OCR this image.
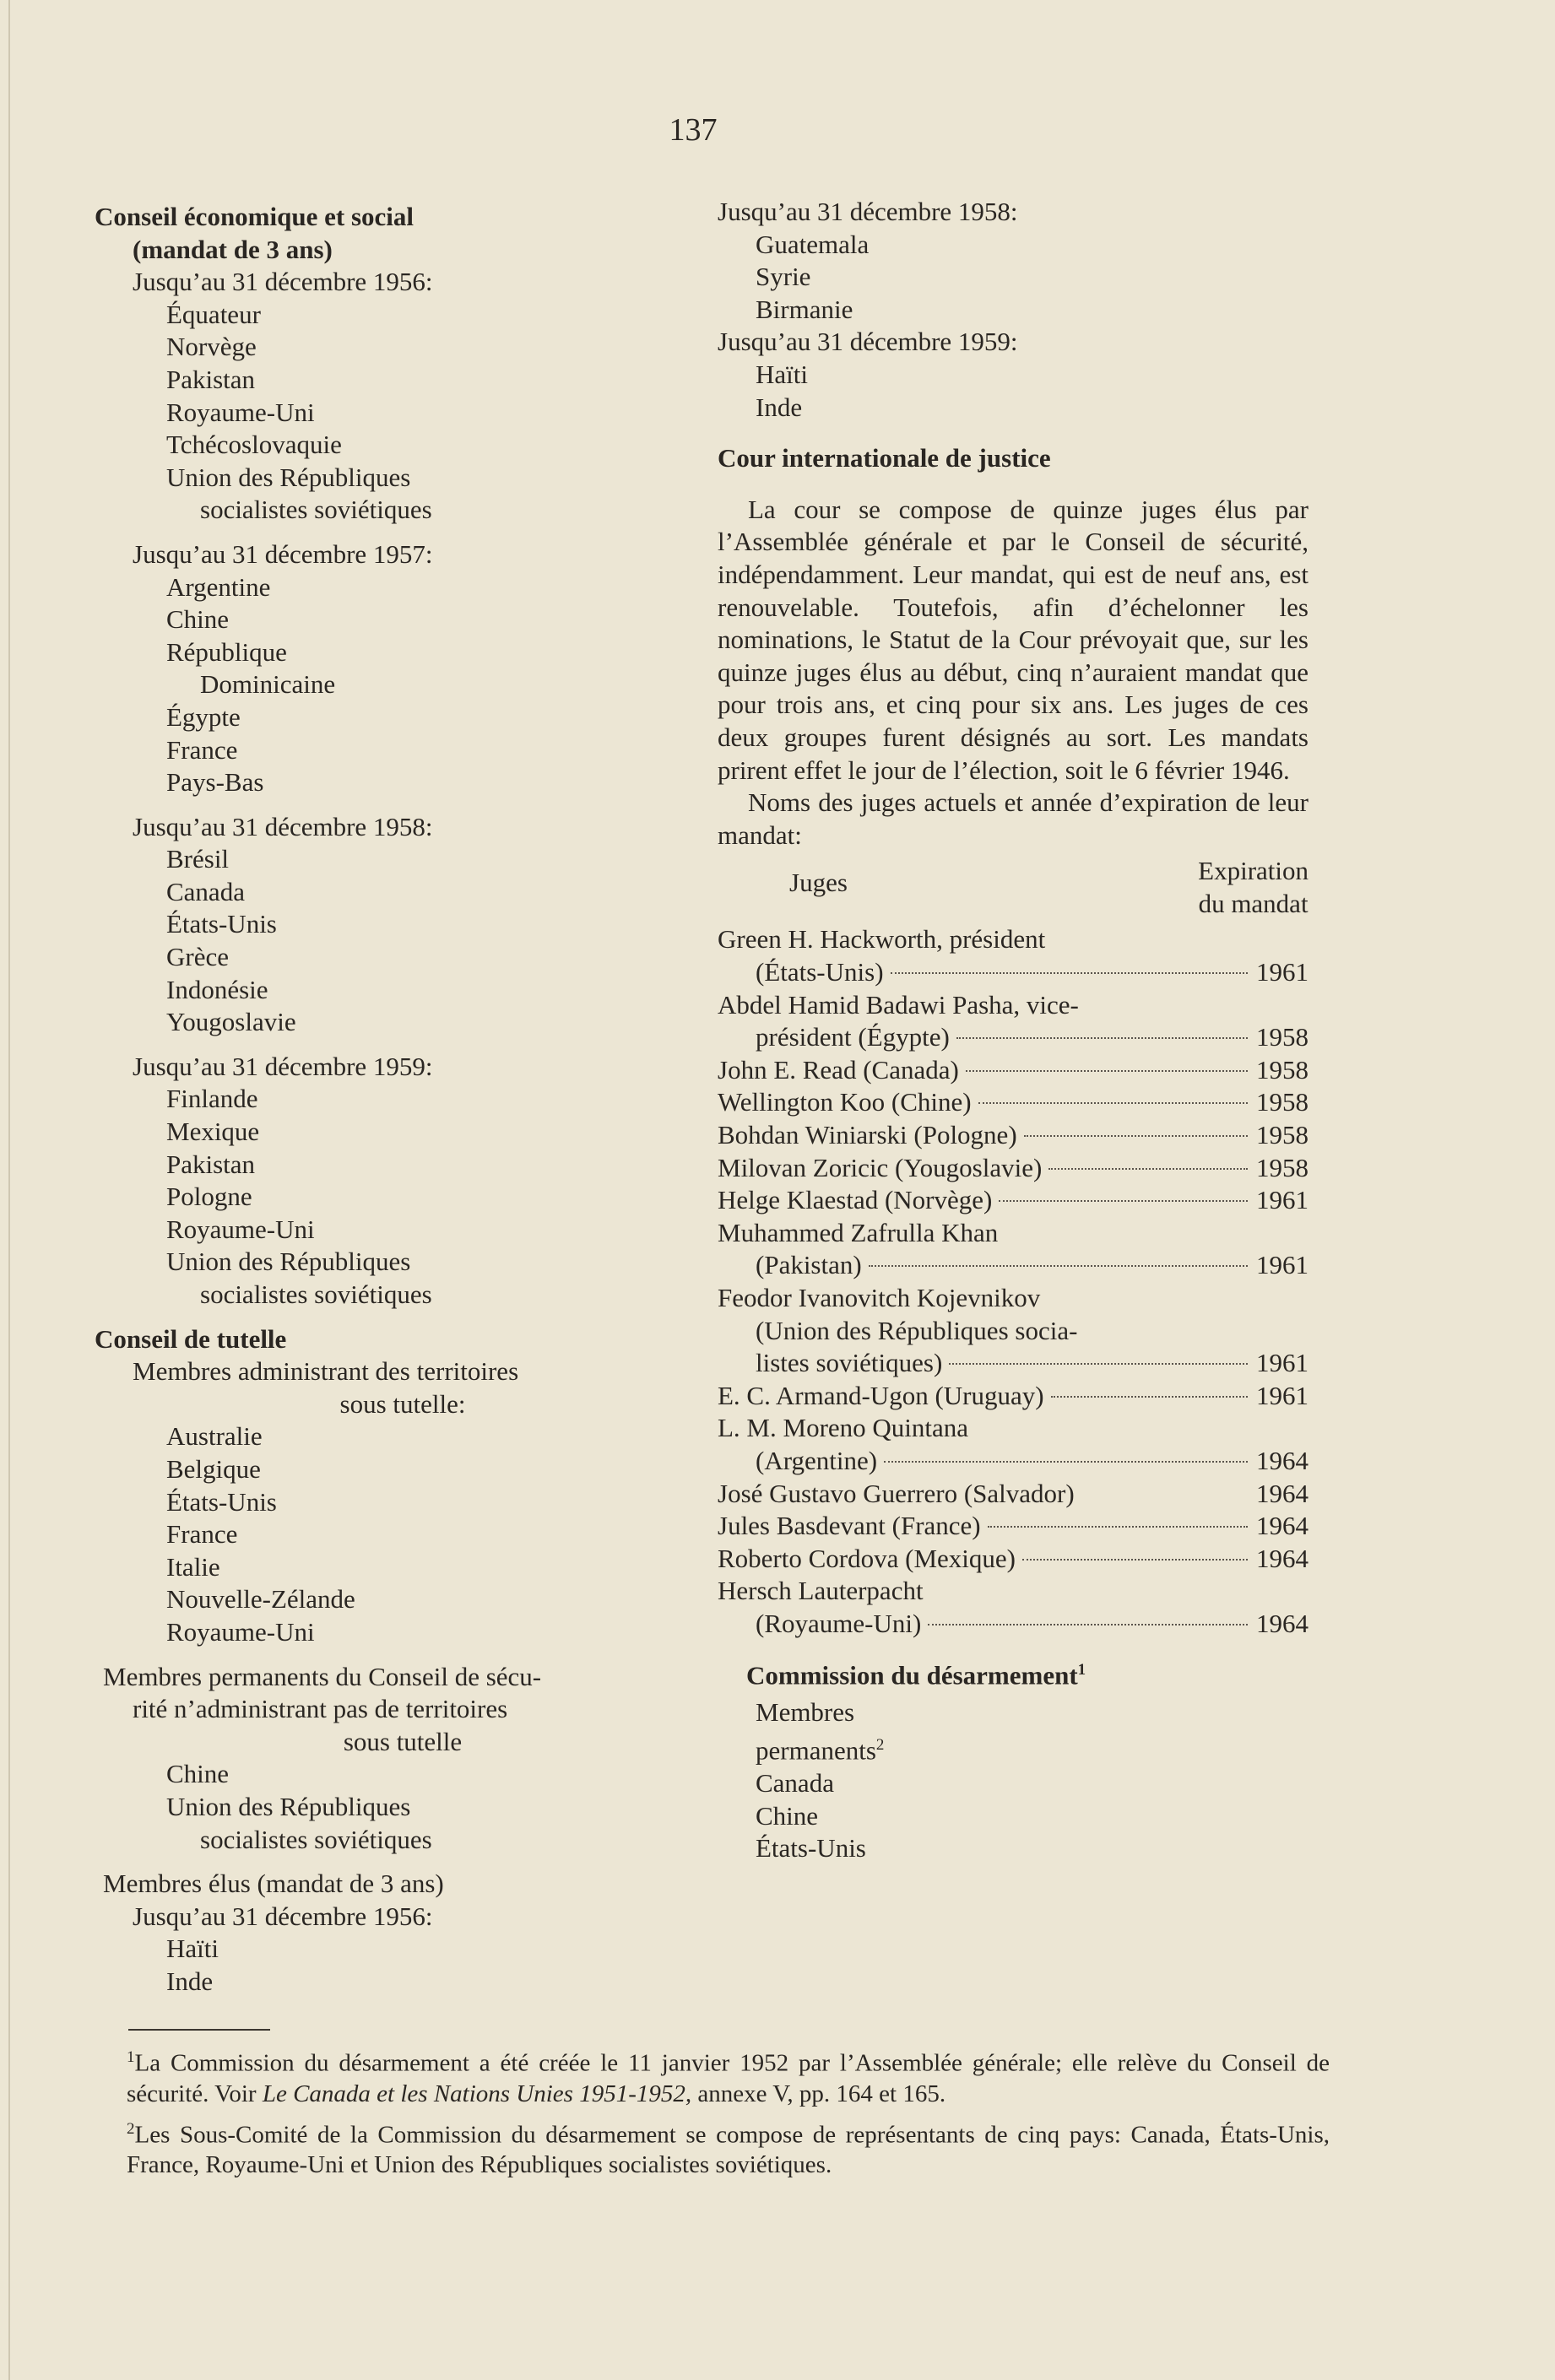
137
Conseil économique et social
(mandat de 3 ans)
Jusqu’au 31 décembre 1956:
Équateur
Norvège
Pakistan
Royaume-Uni
Tchécoslovaquie
Union des Républiques
socialistes soviétiques
Jusqu’au 31 décembre 1957:
Argentine
Chine
République
Dominicaine
Égypte
France
Pays-Bas
Jusqu’au 31 décembre 1958:
Brésil
Canada
États-Unis
Grèce
Indonésie
Yougoslavie
Jusqu’au 31 décembre 1959:
Finlande
Mexique
Pakistan
Pologne
Royaume-Uni
Union des Républiques
socialistes soviétiques
Conseil de tutelle
Membres administrant des territoires
sous tutelle:
Australie
Belgique
États-Unis
France
Italie
Nouvelle-Zélande
Royaume-Uni
Membres permanents du Conseil de sécu-
rité n’administrant pas de territoires
sous tutelle
Chine
Union des Républiques
socialistes soviétiques
Membres élus (mandat de 3 ans)
Jusqu’au 31 décembre 1956:
Haïti
Inde
Jusqu’au 31 décembre 1958:
Guatemala
Syrie
Birmanie
Jusqu’au 31 décembre 1959:
Haïti
Inde
Cour internationale de justice

La cour se compose de quinze juges élus par l’Assemblée générale et par le Conseil de sécurité, indépendamment. Leur mandat, qui est de neuf ans, est renouvelable. Toutefois, afin d’échelonner les nominations, le Statut de la Cour prévoyait que, sur les quinze juges élus au début, cinq n’auraient mandat que pour trois ans, et cinq pour six ans. Les juges de ces deux groupes furent désignés au sort. Les mandats prirent effet le jour de l’élection, soit le 6 février 1946.

Noms des juges actuels et année d’expiration de leur mandat:

Juges	Expiration
du mandat
Green H. Hackworth, président
(États-Unis)	1961
Abdel Hamid Badawi Pasha, vice-
président (Égypte)	1958
John E. Read (Canada)	1958
Wellington Koo (Chine)	1958
Bohdan Winiarski (Pologne)	1958
Milovan Zoricic (Yougoslavie)	1958
Helge Klaestad (Norvège)	1961
Muhammed Zafrulla Khan
(Pakistan)	1961
Feodor Ivanovitch Kojevnikov
(Union des Républiques socia-
listes soviétiques)	1961
E. C. Armand-Ugon (Uruguay)	1961
L. M. Moreno Quintana
(Argentine)	1964
José Gustavo Guerrero (Salvador)	1964
Jules Basdevant (France)	1964
Roberto Cordova (Mexique)	1964
Hersch Lauterpacht
(Royaume-Uni)	1964
Commission du désarmement$^1$
Membres
permanents$^2$
Canada
Chine
États-Unis

$^1$La Commission du désarmement a été créée le 11 janvier 1952 par l’Assemblée générale; elle relève du Conseil de sécurité. Voir Le Canada et les Nations Unies 1951-1952, annexe V, pp. 164 et 165.

$^2$Les Sous-Comité de la Commission du désarmement se compose de représentants de cinq pays: Canada, États-Unis, France, Royaume-Uni et Union des Républiques socialistes soviétiques.
